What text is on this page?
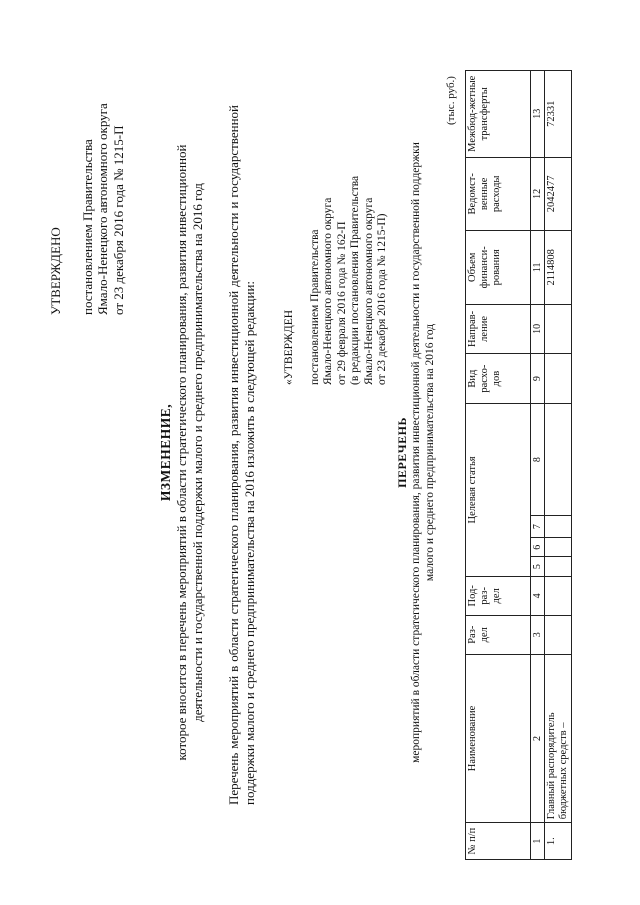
УТВЕРЖДЕНО постановлением Правительства Ямало-Ненецкого автономного округа от 23 декабря 2016 года № 1215-П
ИЗМЕНЕНИЕ, которое вносится в перечень мероприятий в области стратегического планирования, развития инвестиционной деятельности и государственной поддержки малого и среднего предпринимательства на 2016 год Перечень мероприятий в области стратегического планирования, развития инвестиционной деятельности и государственной поддержки малого и среднего предпринимательства на 2016 изложить в следующей редакции: «УТВЕРЖДЕН постановлением Правительства Ямало-Ненецкого автономного округа от 29 февраля 2016 года № 162-П (в редакции постановления Правительства Ямало-Ненецкого автономного округа от 23 декабря 2016 года № 1215-П)
ПЕРЕЧЕНЬ мероприятий в области стратегического планирования, развития инвестиционной деятельности и государственной поддержки малого и среднего предпринимательства на 2016 год
(тыс. руб.)
№ п/п	Наименование	Раз-дел	Под-раз-дел	Целевая статья				Вид расхо-дов	Направ-ление	Объем финанси-рования	Ведомст-венные расходы	Межбюд-жетные трансферты
1	2	3	4	5	6	7	8	9	10	11	12	13
1.	Главный распорядитель бюджетных средств –									2114808	2042477	72331
